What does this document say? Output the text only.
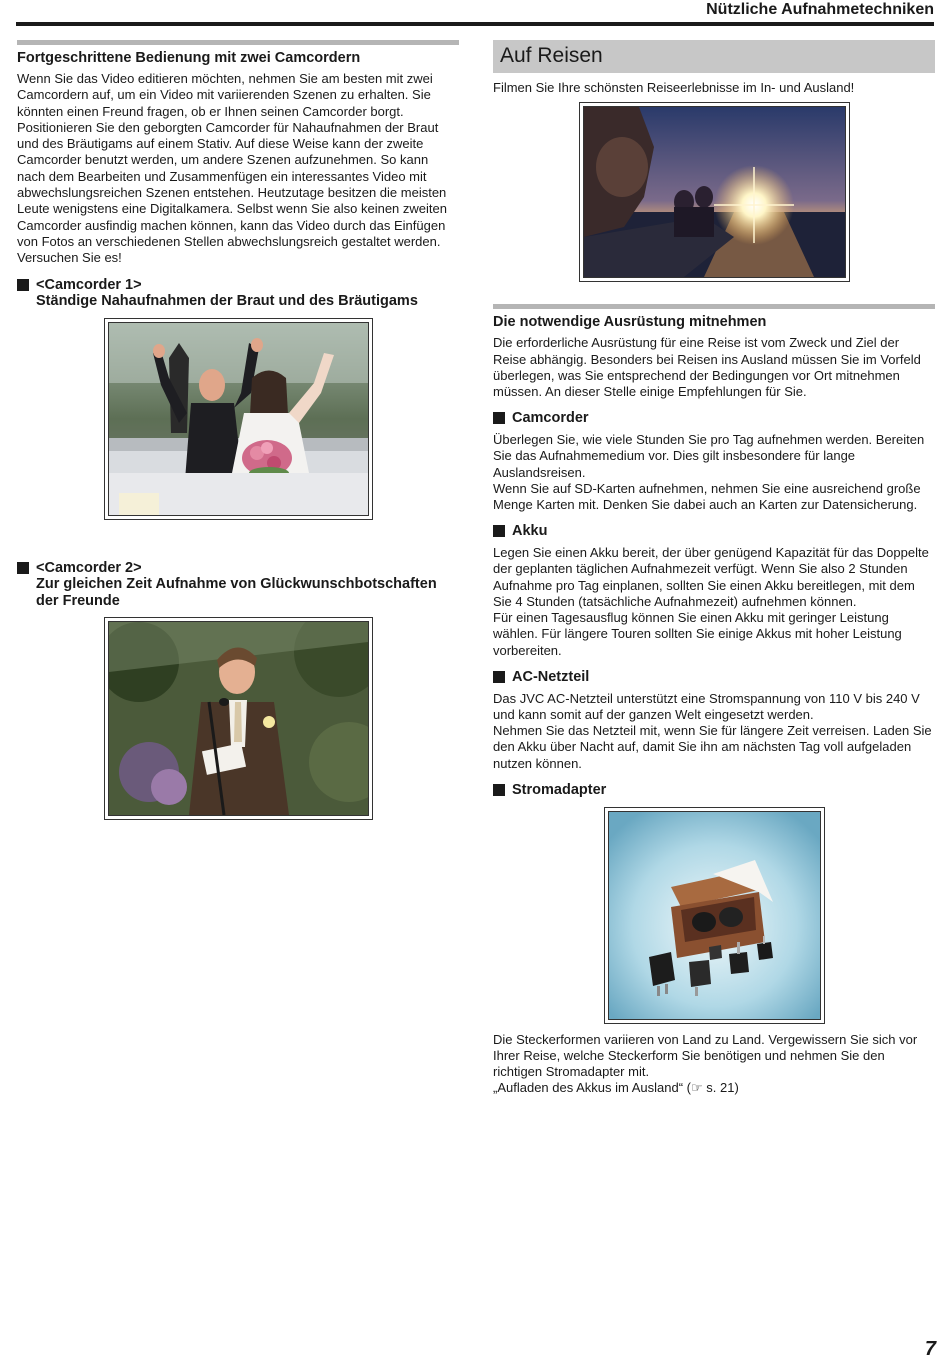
Nützliche Aufnahmetechniken
Fortgeschrittene Bedienung mit zwei Camcordern

Wenn Sie das Video editieren möchten, nehmen Sie am besten mit zwei Camcordern auf, um ein Video mit variierenden Szenen zu erhalten. Sie könnten einen Freund fragen, ob er Ihnen seinen Camcorder borgt. Positionieren Sie den geborgten Camcorder für Nahaufnahmen der Braut und des Bräutigams auf einem Stativ. Auf diese Weise kann der zweite Camcorder benutzt werden, um andere Szenen aufzunehmen. So kann nach dem Bearbeiten und Zusammenfügen ein interessantes Video mit abwechslungsreichen Szenen entstehen. Heutzutage besitzen die meisten Leute wenigstens eine Digitalkamera. Selbst wenn Sie also keinen zweiten Camcorder ausfindig machen können, kann das Video durch das Einfügen von Fotos an verschiedenen Stellen abwechslungsreich gestaltet werden. Versuchen Sie es!

<Camcorder 1>
Ständige Nahaufnahmen der Braut und des Bräutigams
<Camcorder 2>
Zur gleichen Zeit Aufnahme von Glückwunschbotschaften der Freunde
Auf Reisen

Filmen Sie Ihre schönsten Reiseerlebnisse im In- und Ausland!

Die notwendige Ausrüstung mitnehmen

Die erforderliche Ausrüstung für eine Reise ist vom Zweck und Ziel der Reise abhängig. Besonders bei Reisen ins Ausland müssen Sie im Vorfeld überlegen, was Sie entsprechend der Bedingungen vor Ort mitnehmen müssen. An dieser Stelle einige Empfehlungen für Sie.

Camcorder

Überlegen Sie, wie viele Stunden Sie pro Tag aufnehmen werden. Bereiten Sie das Aufnahmemedium vor. Dies gilt insbesondere für lange Auslandsreisen.

Wenn Sie auf SD-Karten aufnehmen, nehmen Sie eine ausreichend große Menge Karten mit. Denken Sie dabei auch an Karten zur Datensicherung.

Akku

Legen Sie einen Akku bereit, der über genügend Kapazität für das Doppelte der geplanten täglichen Aufnahmezeit verfügt. Wenn Sie also 2 Stunden Aufnahme pro Tag einplanen, sollten Sie einen Akku bereitlegen, mit dem Sie 4 Stunden (tatsächliche Aufnahmezeit) aufnehmen können.

Für einen Tagesausflug können Sie einen Akku mit geringer Leistung wählen. Für längere Touren sollten Sie einige Akkus mit hoher Leistung vorbereiten.

AC-Netzteil

Das JVC AC-Netzteil unterstützt eine Stromspannung von 110 V bis 240 V und kann somit auf der ganzen Welt eingesetzt werden.

Nehmen Sie das Netzteil mit, wenn Sie für längere Zeit verreisen. Laden Sie den Akku über Nacht auf, damit Sie ihn am nächsten Tag voll aufgeladen nutzen können.

Stromadapter

Die Steckerformen variieren von Land zu Land. Vergewissern Sie sich vor Ihrer Reise, welche Steckerform Sie benötigen und nehmen Sie den richtigen Stromadapter mit.

„Aufladen des Akkus im Ausland“ (☞ s. 21)

7
